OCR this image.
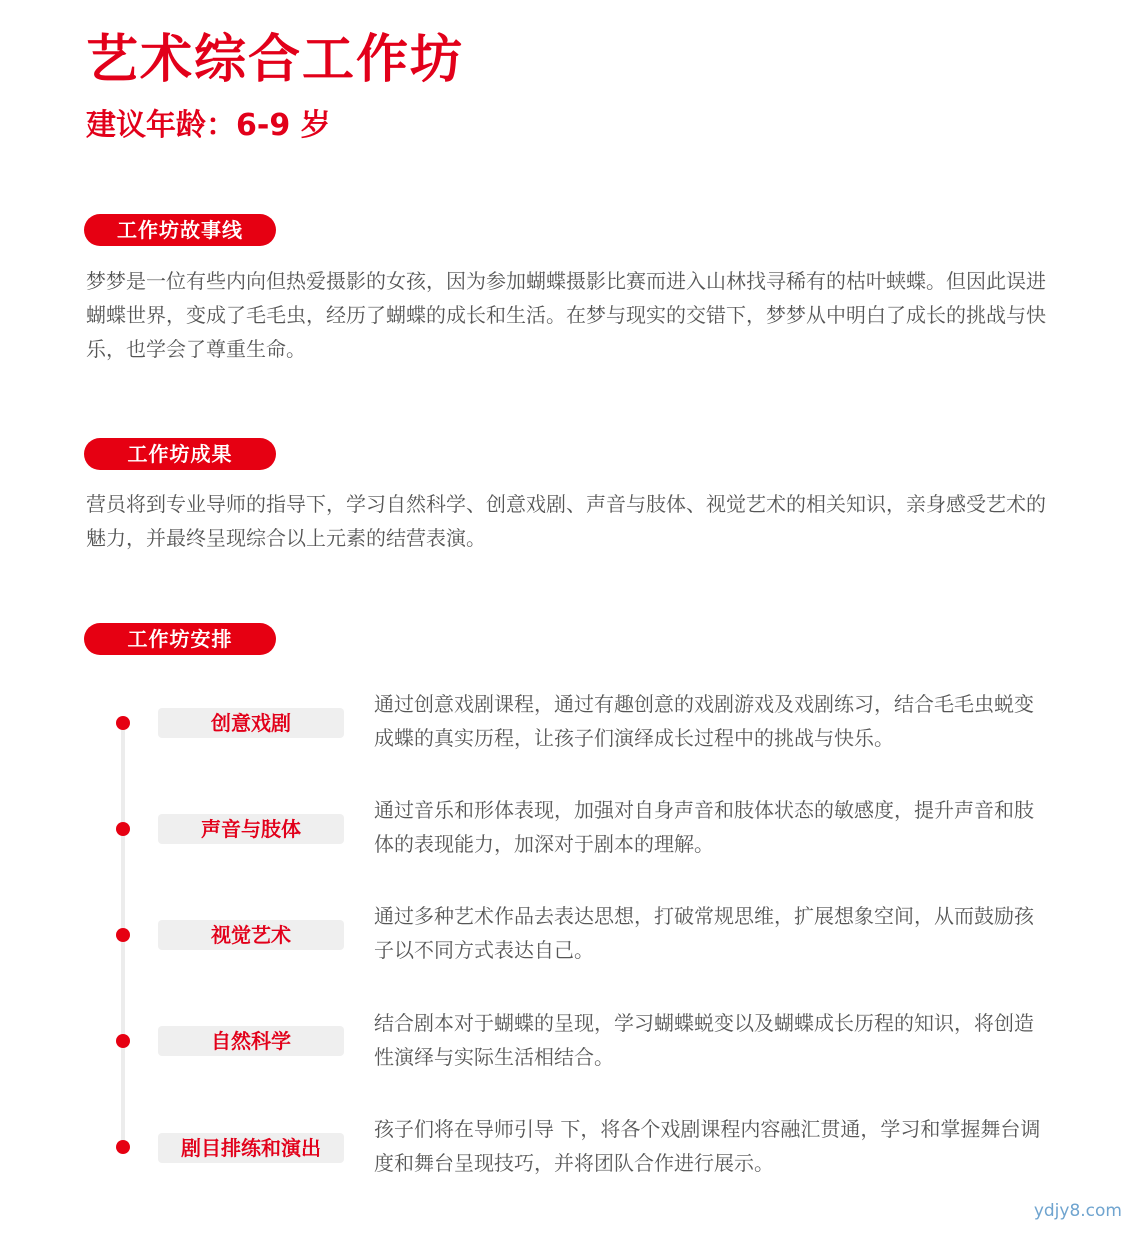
艺术综合工作坊
建议年龄：6-9 岁
工作坊故事线

梦梦是一位有些内向但热爱摄影的女孩，因为参加蝴蝶摄影比赛而进入山林找寻稀有的枯叶蛱蝶。但因此误进蝴蝶世界，变成了毛毛虫，经历了蝴蝶的成长和生活。在梦与现实的交错下，梦梦从中明白了成长的挑战与快乐，也学会了尊重生命。

工作坊成果

营员将到专业导师的指导下，学习自然科学、创意戏剧、声音与肢体、视觉艺术的相关知识，亲身感受艺术的魅力，并最终呈现综合以上元素的结营表演。

工作坊安排
创意戏剧

通过创意戏剧课程，通过有趣创意的戏剧游戏及戏剧练习，结合毛毛虫蜕变成蝶的真实历程，让孩子们演绎成长过程中的挑战与快乐。

声音与肢体

通过音乐和形体表现，加强对自身声音和肢体状态的敏感度，提升声音和肢体的表现能力，加深对于剧本的理解。

视觉艺术

通过多种艺术作品去表达思想，打破常规思维，扩展想象空间，从而鼓励孩子以不同方式表达自己。

自然科学

结合剧本对于蝴蝶的呈现，学习蝴蝶蜕变以及蝴蝶成长历程的知识，将创造性演绎与实际生活相结合。

剧目排练和演出

孩子们将在导师引导 下，将各个戏剧课程内容融汇贯通，学习和掌握舞台调度和舞台呈现技巧，并将团队合作进行展示。

ydjy8.com
